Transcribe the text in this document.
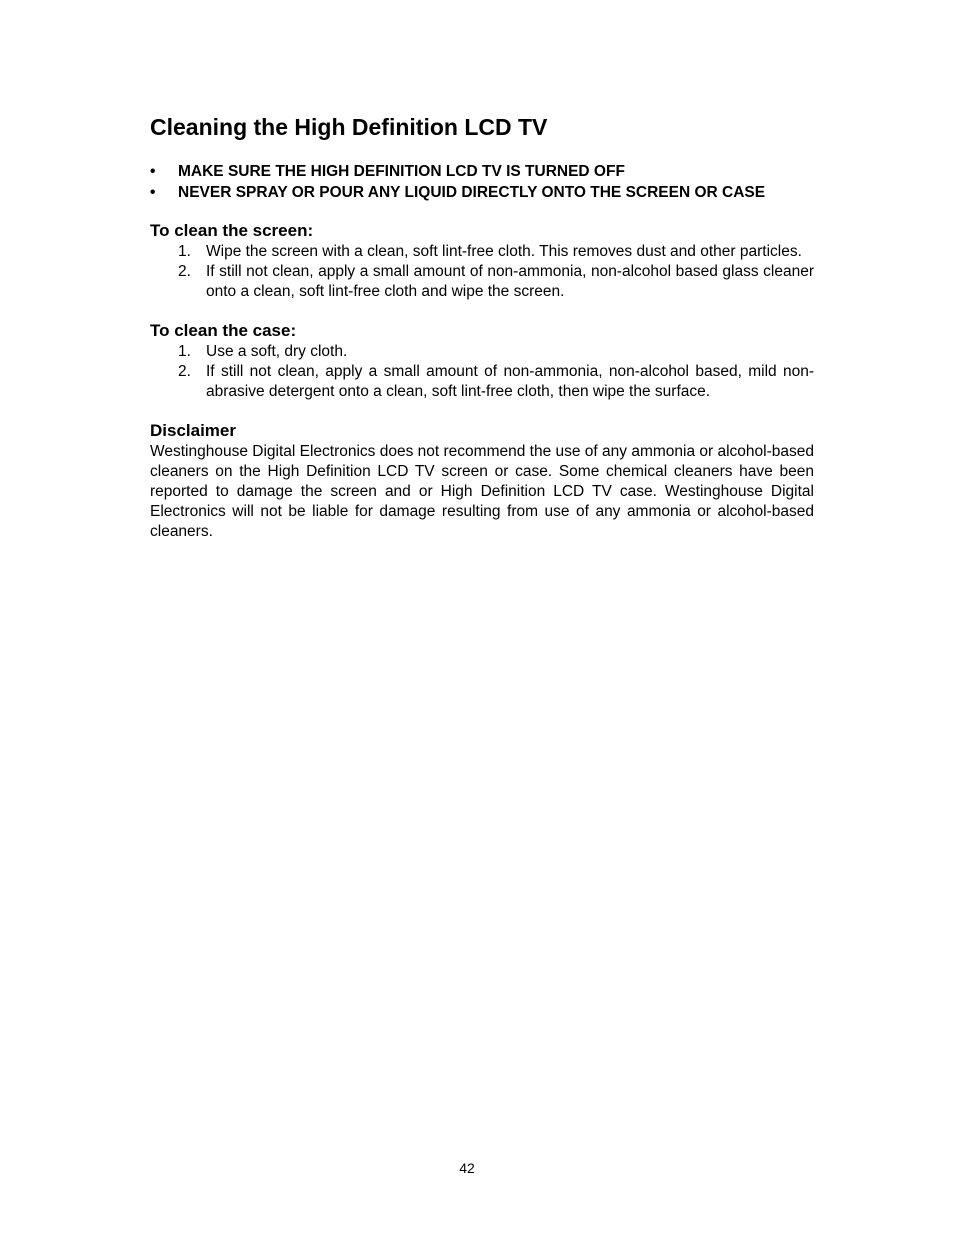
Cleaning the High Definition LCD TV
• MAKE SURE THE HIGH DEFINITION LCD TV IS TURNED OFF
• NEVER SPRAY OR POUR ANY LIQUID DIRECTLY ONTO THE SCREEN OR CASE
To clean the screen:
1. Wipe the screen with a clean, soft lint-free cloth. This removes dust and other particles.
2. If still not clean, apply a small amount of non-ammonia, non-alcohol based glass cleaner onto a clean, soft lint-free cloth and wipe the screen.
To clean the case:
1. Use a soft, dry cloth.
2. If still not clean, apply a small amount of non-ammonia, non-alcohol based, mild non- abrasive detergent onto a clean, soft lint-free cloth, then wipe the surface.
Disclaimer

Westinghouse Digital Electronics does not recommend the use of any ammonia or alcohol-based cleaners on the High Definition LCD TV screen or case. Some chemical cleaners have been reported to damage the screen and or High Definition LCD TV case. Westinghouse Digital Electronics will not be liable for damage resulting from use of any ammonia or alcohol-based cleaners.

42
